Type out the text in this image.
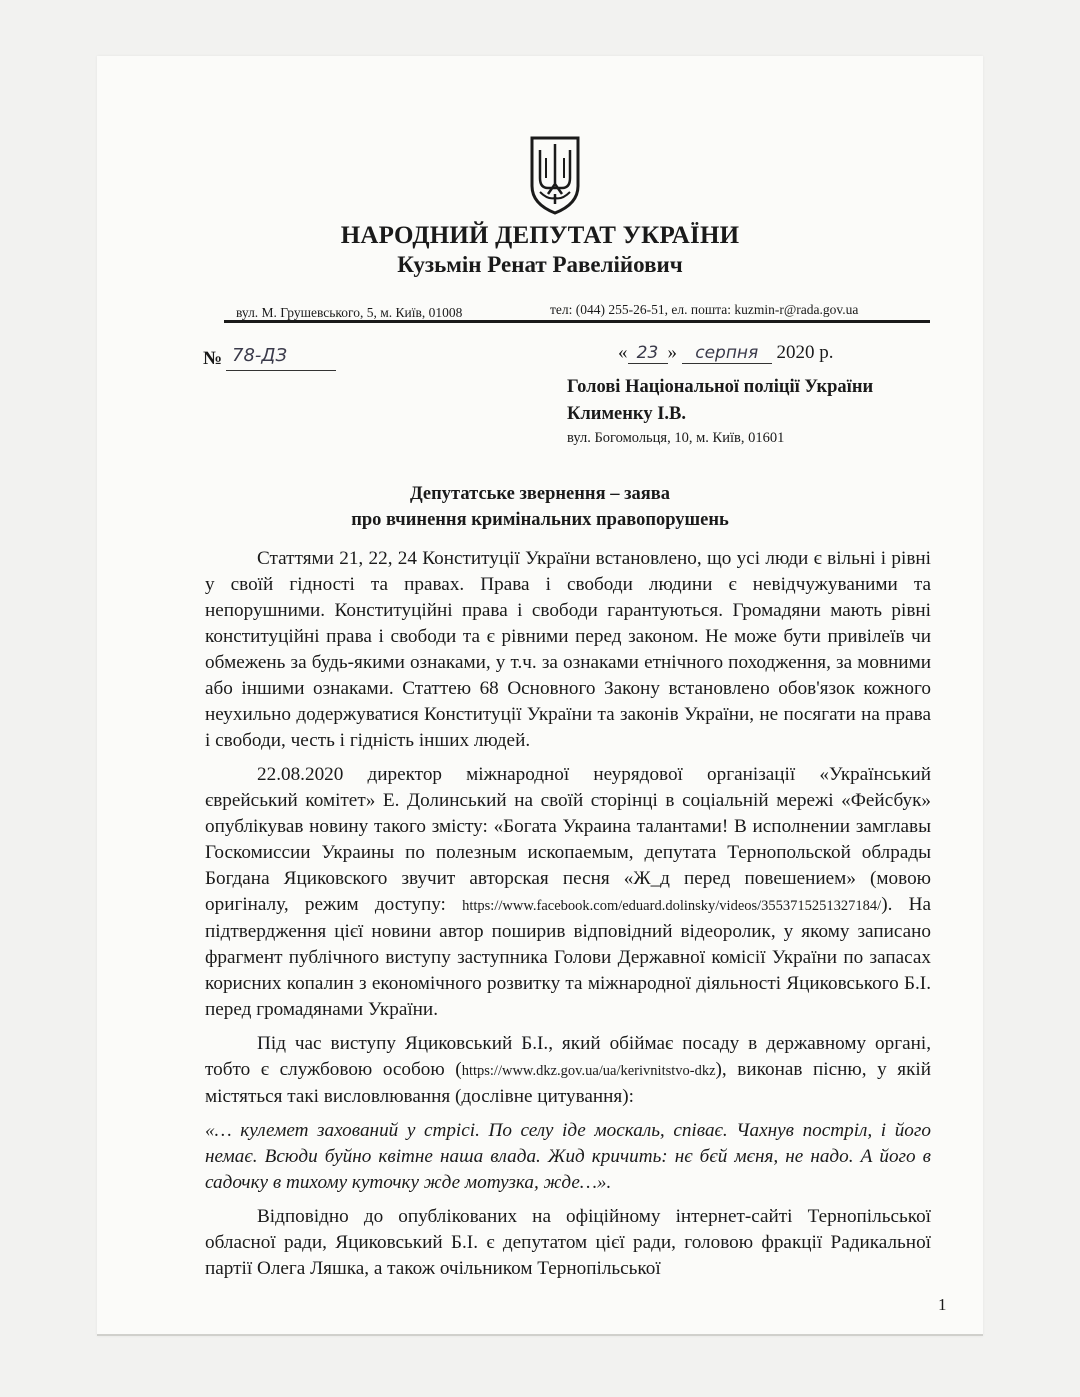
НАРОДНИЙ ДЕПУТАТ УКРАЇНИ
Кузьмін Ренат Равелійович
вул. М. Грушевського, 5, м. Київ, 01008	тел: (044) 255-26-51, ел. пошта: kuzmin-r@rada.gov.ua
№ 78-ДЗ	« 23 » серпня 2020 р.
Голові Національної поліції України
Клименку І.В.
вул. Богомольця, 10, м. Київ, 01601
Депутатське звернення – заява
про вчинення кримінальних правопорушень

Статтями 21, 22, 24 Конституції України встановлено, що усі люди є вільні і рівні у своїй гідності та правах. Права і свободи людини є невідчужуваними та непорушними. Конституційні права і свободи гарантуються. Громадяни мають рівні конституційні права і свободи та є рівними перед законом. Не може бути привілеїв чи обмежень за будь-якими ознаками, у т.ч. за ознаками етнічного походження, за мовними або іншими ознаками. Статтею 68 Основного Закону встановлено обов'язок кожного неухильно додержуватися Конституції України та законів України, не посягати на права і свободи, честь і гідність інших людей.

22.08.2020 директор міжнародної неурядової організації «Український єврейський комітет» Е. Долинський на своїй сторінці в соціальній мережі «Фейсбук» опублікував новину такого змісту: «Богата Украина талантами! В исполнении замглавы Госкомиссии Украины по полезным ископаемым, депутата Тернопольской облрады Богдана Яциковского звучит авторская песня «Ж_д перед повешением» (мовою оригіналу, режим доступу: https://www.facebook.com/eduard.dolinsky/videos/3553715251327184/). На підтвердження цієї новини автор поширив відповідний відеоролик, у якому записано фрагмент публічного виступу заступника Голови Державної комісії України по запасах корисних копалин з економічного розвитку та міжнародної діяльності Яциковського Б.І. перед громадянами України.

Під час виступу Яциковський Б.І., який обіймає посаду в державному органі, тобто є службовою особою (https://www.dkz.gov.ua/ua/kerivnitstvo-dkz), виконав пісню, у якій містяться такі висловлювання (дослівне цитування):

«… кулемет захований у стрісі. По селу іде москаль, співає. Чахнув постріл, і його немає. Всюди буйно квітне наша влада. Жид кричить: нє бєй мєня, не надо. А його в садочку в тихому куточку жде мотузка, жде…».

Відповідно до опублікованих на офіційному інтернет-сайті Тернопільської обласної ради, Яциковський Б.І. є депутатом цієї ради, головою фракції Радикальної партії Олега Ляшка, а також очільником Тернопільської

1
